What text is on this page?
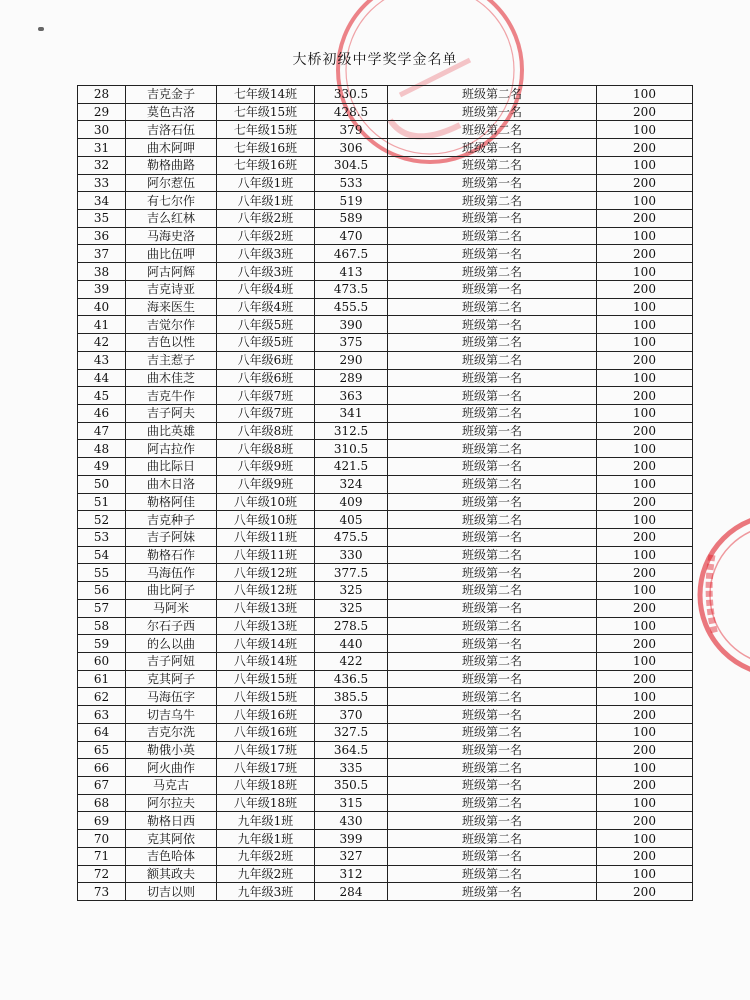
大桥初级中学奖学金名单
28	吉克金子	七年级14班	330.5	班级第二名	100
29	莫色古洛	七年级15班	428.5	班级第一名	200
30	吉洛石伍	七年级15班	379	班级第二名	100
31	曲木阿呷	七年级16班	306	班级第一名	200
32	勒格曲路	七年级16班	304.5	班级第二名	100
33	阿尔惹伍	八年级1班	533	班级第一名	200
34	有七尔作	八年级1班	519	班级第二名	100
35	吉么红林	八年级2班	589	班级第一名	200
36	马海史洛	八年级2班	470	班级第二名	100
37	曲比伍呷	八年级3班	467.5	班级第一名	200
38	阿古阿辉	八年级3班	413	班级第二名	100
39	吉克诗亚	八年级4班	473.5	班级第一名	200
40	海来医生	八年级4班	455.5	班级第二名	100
41	吉觉尔作	八年级5班	390	班级第一名	100
42	吉色以性	八年级5班	375	班级第二名	100
43	吉主惹子	八年级6班	290	班级第二名	200
44	曲木佳芝	八年级6班	289	班级第一名	100
45	吉克牛作	八年级7班	363	班级第一名	200
46	吉子阿夫	八年级7班	341	班级第二名	100
47	曲比英雄	八年级8班	312.5	班级第一名	200
48	阿古拉作	八年级8班	310.5	班级第二名	100
49	曲比际日	八年级9班	421.5	班级第一名	200
50	曲木日洛	八年级9班	324	班级第二名	100
51	勒格阿佳	八年级10班	409	班级第一名	200
52	吉克种子	八年级10班	405	班级第二名	100
53	吉子阿妹	八年级11班	475.5	班级第一名	200
54	勒格石作	八年级11班	330	班级第二名	100
55	马海伍作	八年级12班	377.5	班级第一名	200
56	曲比阿子	八年级12班	325	班级第二名	100
57	马阿米	八年级13班	325	班级第一名	200
58	尔石子西	八年级13班	278.5	班级第二名	100
59	的么以曲	八年级14班	440	班级第一名	200
60	吉子阿妞	八年级14班	422	班级第二名	100
61	克其阿子	八年级15班	436.5	班级第一名	200
62	马海伍字	八年级15班	385.5	班级第二名	100
63	切吉乌牛	八年级16班	370	班级第一名	200
64	吉克尔洗	八年级16班	327.5	班级第二名	100
65	勒俄小英	八年级17班	364.5	班级第一名	200
66	阿火曲作	八年级17班	335	班级第二名	100
67	马克古	八年级18班	350.5	班级第一名	200
68	阿尔拉夫	八年级18班	315	班级第二名	100
69	勒格日西	九年级1班	430	班级第一名	200
70	克其阿依	九年级1班	399	班级第二名	100
71	吉色哈体	九年级2班	327	班级第一名	200
72	额其政夫	九年级2班	312	班级第二名	100
73	切吉以则	九年级3班	284	班级第一名	200
